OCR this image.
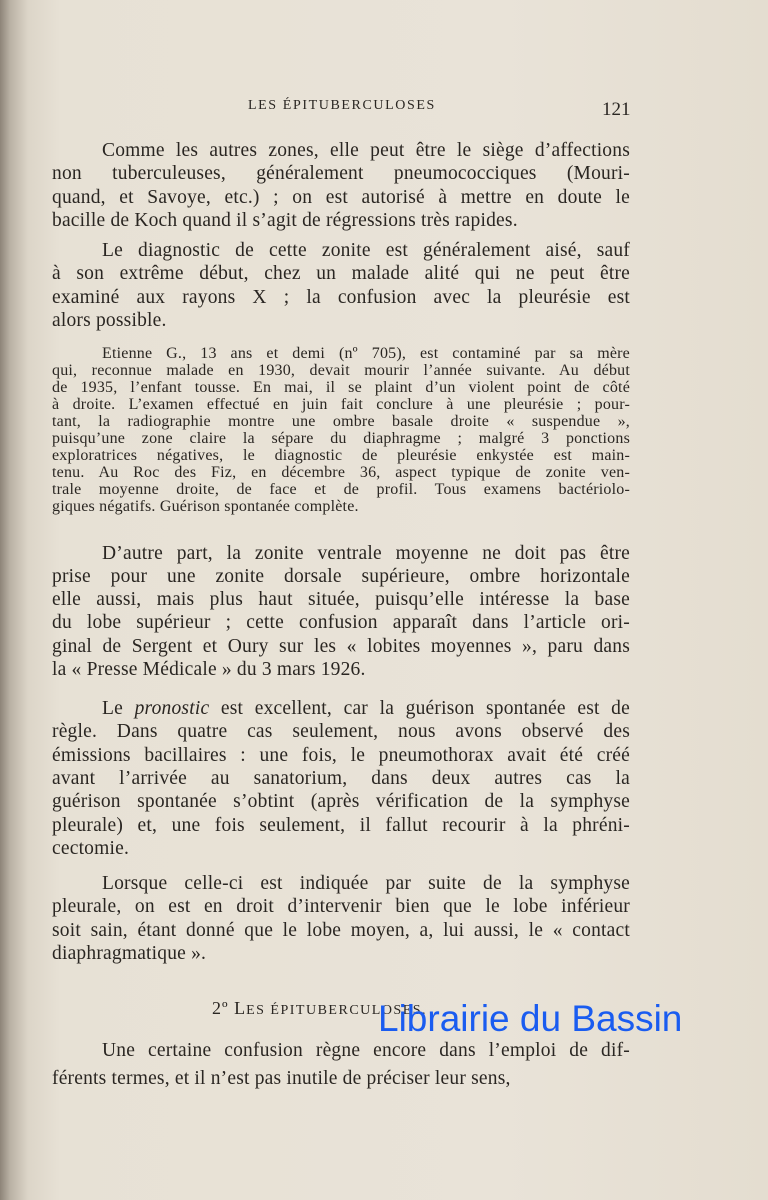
LES ÉPITUBERCULOSES	121
Comme les autres zones, elle peut être le siège d’affections
non tuberculeuses, généralement pneumococciques (Mouri-
quand, et Savoye, etc.) ; on est autorisé à mettre en doute le
bacille de Koch quand il s’agit de régressions très rapides.
Le diagnostic de cette zonite est généralement aisé, sauf
à son extrême début, chez un malade alité qui ne peut être
examiné aux rayons X ; la confusion avec la pleurésie est
alors possible.
Etienne G., 13 ans et demi (nº 705), est contaminé par sa mère
qui, reconnue malade en 1930, devait mourir l’année suivante. Au début
de 1935, l’enfant tousse. En mai, il se plaint d’un violent point de côté
à droite. L’examen effectué en juin fait conclure à une pleurésie ; pour-
tant, la radiographie montre une ombre basale droite « suspendue »,
puisqu’une zone claire la sépare du diaphragme ; malgré 3 ponctions
exploratrices négatives, le diagnostic de pleurésie enkystée est main-
tenu. Au Roc des Fiz, en décembre 36, aspect typique de zonite ven-
trale moyenne droite, de face et de profil. Tous examens bactériolo-
giques négatifs. Guérison spontanée complète.
D’autre part, la zonite ventrale moyenne ne doit pas être
prise pour une zonite dorsale supérieure, ombre horizontale
elle aussi, mais plus haut située, puisqu’elle intéresse la base
du lobe supérieur ; cette confusion apparaît dans l’article ori-
ginal de Sergent et Oury sur les « lobites moyennes », paru dans
la « Presse Médicale » du 3 mars 1926.
Le pronostic est excellent, car la guérison spontanée est de
règle. Dans quatre cas seulement, nous avons observé des
émissions bacillaires : une fois, le pneumothorax avait été créé
avant l’arrivée au sanatorium, dans deux autres cas la
guérison spontanée s’obtint (après vérification de la symphyse
pleurale) et, une fois seulement, il fallut recourir à la phréni-
cectomie.
Lorsque celle-ci est indiquée par suite de la symphyse
pleurale, on est en droit d’intervenir bien que le lobe inférieur
soit sain, étant donné que le lobe moyen, a, lui aussi, le « contact
diaphragmatique ».
2º LES ÉPITUBERCULOSES.
Une certaine confusion règne encore dans l’emploi de dif-
férents termes, et il n’est pas inutile de préciser leur sens,
Librairie du Bassin
